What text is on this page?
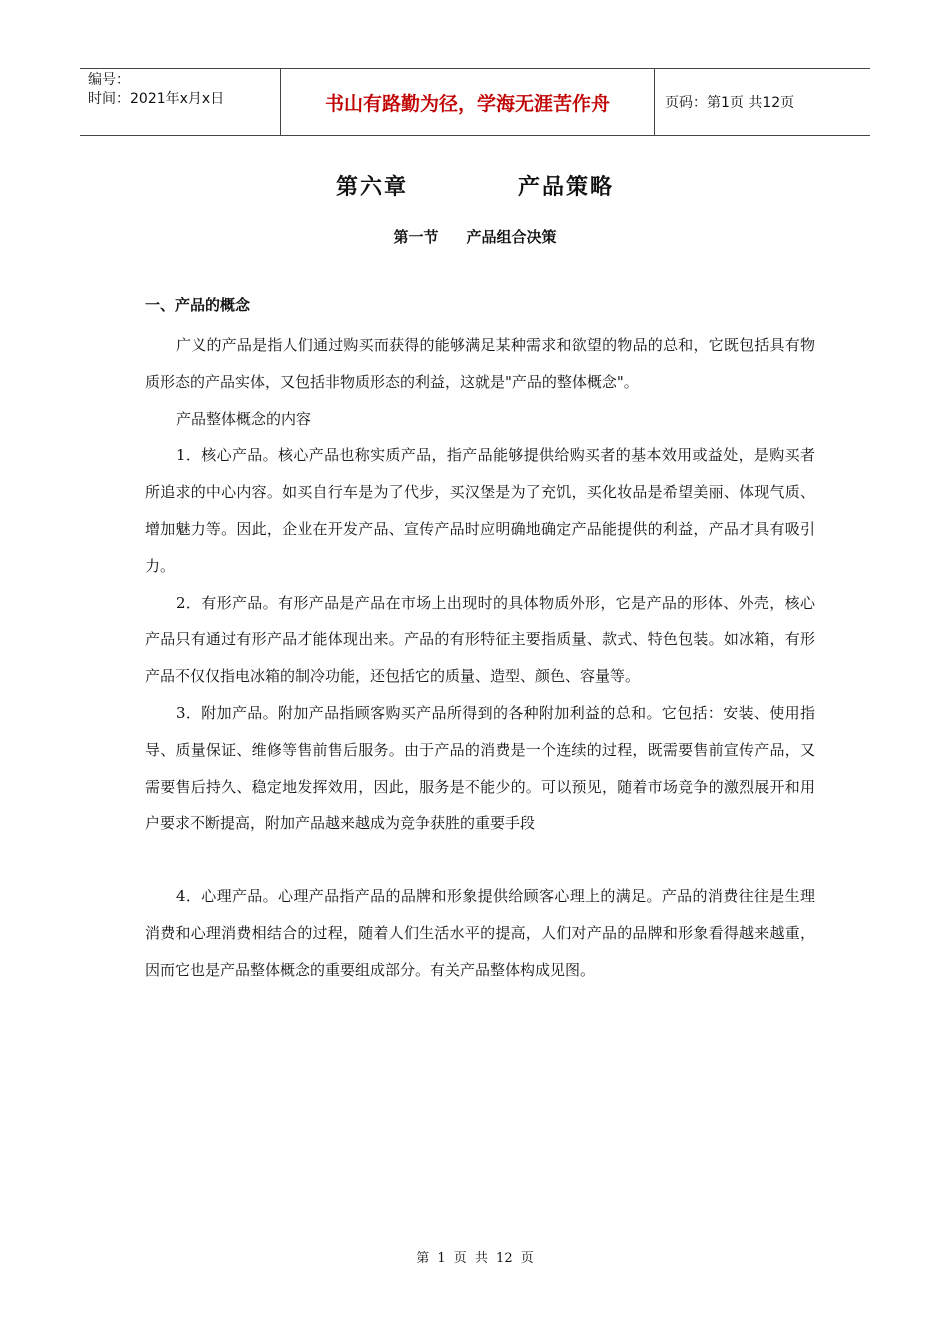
编号：
时间：2021年x月x日	书山有路勤为径，学海无涯苦作舟	页码：第1页 共12页
第六章	产品策略
第一节 产品组合决策

一、产品的概念

广义的产品是指人们通过购买而获得的能够满足某种需求和欲望的物品的总和，它既包括具有物质形态的产品实体，又包括非物质形态的利益，这就是"产品的整体概念"。

产品整体概念的内容

1．核心产品。核心产品也称实质产品，指产品能够提供给购买者的基本效用或益处，是购买者所追求的中心内容。如买自行车是为了代步，买汉堡是为了充饥，买化妆品是希望美丽、体现气质、增加魅力等。因此，企业在开发产品、宣传产品时应明确地确定产品能提供的利益，产品才具有吸引力。

2．有形产品。有形产品是产品在市场上出现时的具体物质外形，它是产品的形体、外壳，核心产品只有通过有形产品才能体现出来。产品的有形特征主要指质量、款式、特色包装。如冰箱，有形产品不仅仅指电冰箱的制冷功能，还包括它的质量、造型、颜色、容量等。

3．附加产品。附加产品指顾客购买产品所得到的各种附加利益的总和。它包括：安装、使用指导、质量保证、维修等售前售后服务。由于产品的消费是一个连续的过程，既需要售前宣传产品，又需要售后持久、稳定地发挥效用，因此，服务是不能少的。可以预见，随着市场竞争的激烈展开和用户要求不断提高，附加产品越来越成为竞争获胜的重要手段

4．心理产品。心理产品指产品的品牌和形象提供给顾客心理上的满足。产品的消费往往是生理消费和心理消费相结合的过程，随着人们生活水平的提高，人们对产品的品牌和形象看得越来越重，因而它也是产品整体概念的重要组成部分。有关产品整体构成见图。

第 1 页 共 12 页
